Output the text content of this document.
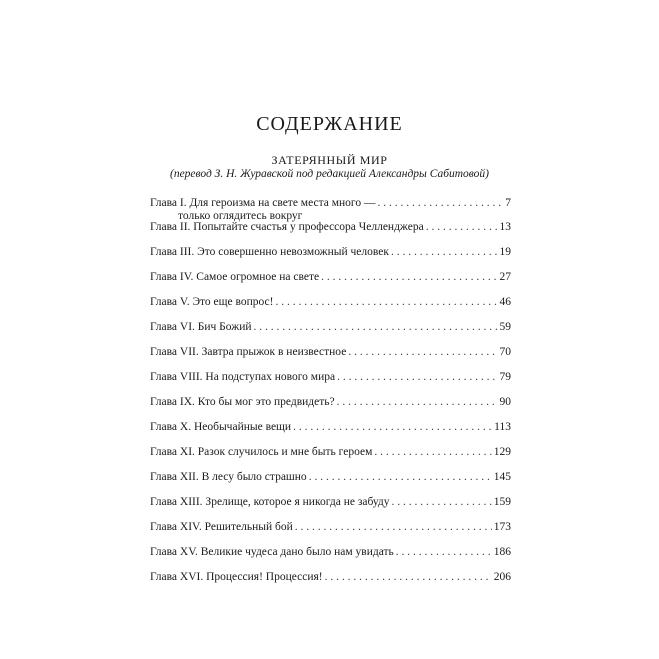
СОДЕРЖАНИЕ
ЗАТЕРЯННЫЙ МИР
(перевод З. Н. Журавской под редакцией Александры Сабитовой)
Глава I. Для героизма на свете места много — . . .	7
только оглядитесь вокруг
Глава II. Попытайте счастья у профессора Челленджера . . .	13
Глава III. Это совершенно невозможный человек . . .	19
Глава IV. Самое огромное на свете . . .	27
Глава V. Это еще вопрос! . . .	46
Глава VI. Бич Божий . . .	59
Глава VII. Завтра прыжок в неизвестное . . .	70
Глава VIII. На подступах нового мира . . .	79
Глава IX. Кто бы мог это предвидеть? . . .	90
Глава X. Необычайные вещи . . .	113
Глава XI. Разок случилось и мне быть героем . . .	129
Глава XII. В лесу было страшно . . .	145
Глава XIII. Зрелище, которое я никогда не забуду . . .	159
Глава XIV. Решительный бой . . .	173
Глава XV. Великие чудеса дано было нам увидать . . .	186
Глава XVI. Процессия! Процессия! . . .	206
